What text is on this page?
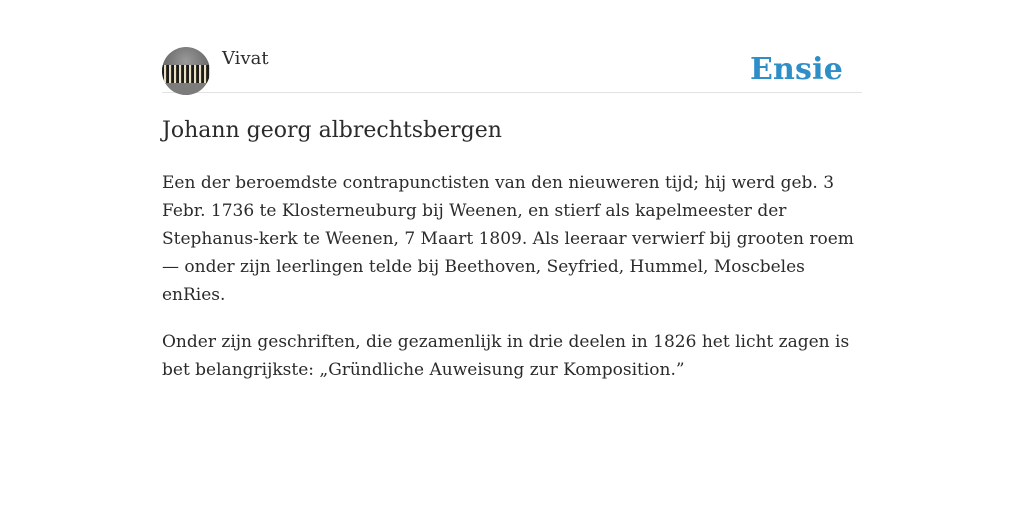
Vivat	Ensie
Johann georg albrechtsbergen

Een der beroemdste contrapunctisten van den nieuweren tijd; hij werd geb. 3 Febr. 1736 te Klosterneuburg bij Weenen, en stierf als kapelmeester der Stephanus-kerk te Weenen, 7 Maart 1809. Als leeraar verwierf bij grooten roem — onder zijn leerlingen telde bij Beethoven, Seyfried, Hummel, Moscbeles enRies.

Onder zijn geschriften, die gezamenlijk in drie deelen in 1826 het licht zagen is bet belangrijkste: „Gründliche Auweisung zur Komposition.”
